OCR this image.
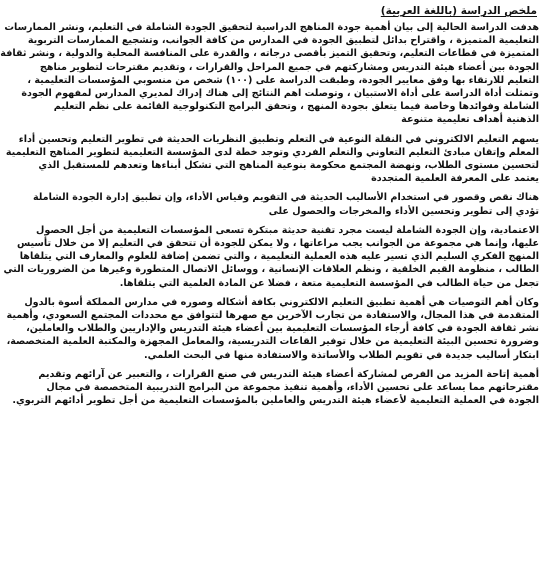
ملخص الدراسة (باللغة العربية)
هدفت الدراسة الحالية إلى بيان أهمية جودة المناهج الدراسية لتحقيق الجودة الشاملة في التعليم، ونشر الممارسات
التعليمية المتميزة ، واقتراح بدائل لتطبيق الجودة في المدارس من كافة الجوانب، وتشجيع الممارسات التربوية
المتميزة في قطاعات التعليم، وتحقيق التميز بأقصى درجاته ، والقدرة على المنافسة المحلية والدولية ، ونشر ثقافة
الجودة بين أعضاء هيئة التدريس ومشاركتهم في جميع المراحل والقرارات ، وتقديم مقترحات لتطوير مناهج
التعليم للارتقاء بها وفق معايير الجودة، وطبقت الدراسة على (١٠٠) شخص من منسوبي المؤسسات التعليمية ،
وتمثلت أداة الدراسة على أداة الاستبيان ، وتوصلت اهم النتائج إلى هناك إدراك لمديري المدارس لمفهوم الجودة
الشاملة وفوائدها وخاصة فيما يتعلق بجودة المنهج ، وتحقق البرامج التكنولوجية القائمة على نظم التعليم
الذهنية أهداف تعليمية متنوعة
يسهم التعليم الالكتروني في النقلة النوعية في التعلم وتطبيق النظريات الحديثة في تطوير التعليم وتحسين أداء
المعلم وإتقان مبادئ التعليم التعاوني والتعلم الفردي وتوجد خطة لدى المؤسسة التعليمية لتطوير المناهج التعليمية
لتحسين مستوى الطلاب، ونهضة المجتمع محكومة بنوعية المناهج التي تشكل أبناءها وتعدهم للمستقبل الذي
يعتمد على المعرفة العلمية المتجددة
هناك نقص وقصور في استخدام الأساليب الحديثة في التقويم وقياس الأداء، وإن تطبيق إدارة الجودة الشاملة
تؤدي إلى تطوير وتحسين الأداء والمخرجات والحصول على
الاعتمادية، وإن الجودة الشاملة ليست مجرد تقنية حديثة مبتكرة تسعى المؤسسات التعليمية من أجل الحصول
عليها، وإنما هي مجموعة من الجوانب يجب مراعاتها ، ولا يمكن للجودة أن تتحقق في التعليم إلا من خلال تأسيس
المنهج الفكري السليم الذي تسير عليه هذه العملية التعليمية ، والتي تضمن إضافة للعلوم والمعارف التي يتلقاها
الطالب ، منظومة القيم الخلقية ، ونظم العلاقات الإنسانية ، ووسائل الاتصال المتطورة وغيرها من الضروريات التي
تجعل من حياة الطالب في المؤسسة التعليمية متعة ، فضلا عن المادة العلمية التي يتلقاها.
وكان أهم التوصيات هي أهمية تطبيق التعليم الالكتروني بكافة أشكاله وصوره في مدارس المملكة أسوة بالدول
المتقدمة في هذا المجال، والاستفادة من تجارب الآخرين مع صهرها لتتوافق مع محددات المجتمع السعودي، وأهمية
نشر ثقافة الجودة في كافة أرجاء المؤسسات التعليمية بين أعضاء هيئة التدريس والإداريين والطلاب والعاملين،
وضرورة تحسين البيئة التعليمية من خلال توفير القاعات التدريسية، والمعامل المجهزة والمكتبة العلمية المتخصصة،
ابتكار أساليب جديدة في تقويم الطلاب والأساتذة والاستفادة منها في البحث العلمي.
أهمية إتاحة المزيد من الفرص لمشاركة أعضاء هيئة التدريس في صنع القرارات ، والتعبير عن آرائهم وتقديم
مقترحاتهم مما يساعد على تحسين الأداء، وأهمية تنفيذ مجموعة من البرامج التدريبية المتخصصة في مجال
الجودة في العملية التعليمية لأعضاء هيئة التدريس والعاملين بالمؤسسات التعليمية من أجل تطوير أدائهم التربوي.
